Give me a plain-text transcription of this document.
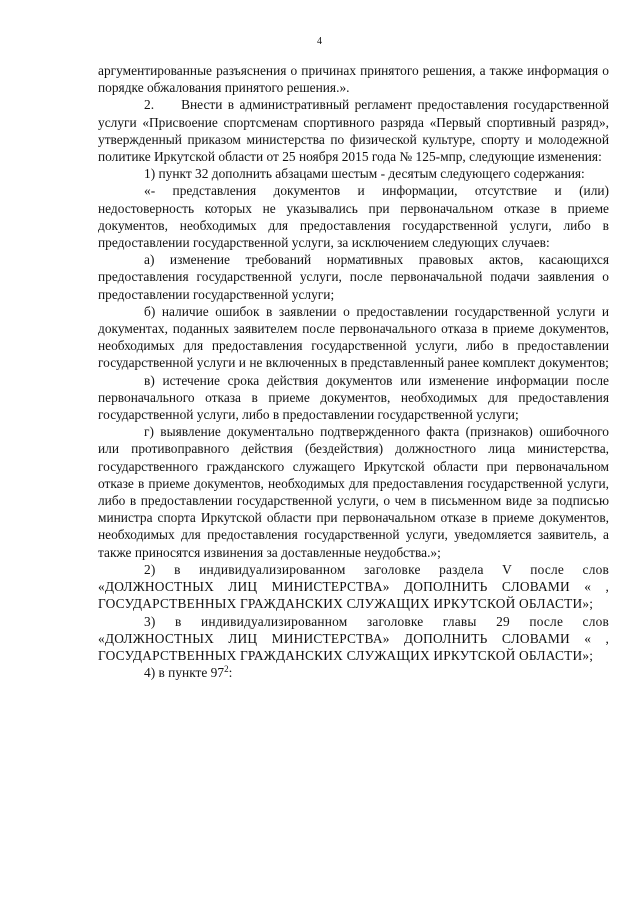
4

аргументированные разъяснения о причинах принятого решения, а также информация о порядке обжалования принятого решения.».

2.     Внести в административный регламент предоставления государственной услуги «Присвоение спортсменам спортивного разряда «Первый спортивный разряд», утвержденный приказом министерства по физической культуре, спорту и молодежной политике Иркутской области от 25 ноября 2015 года № 125-мпр, следующие изменения:

1) пункт 32 дополнить абзацами шестым - десятым следующего содержания:

«- представления документов и информации, отсутствие и (или) недостоверность которых не указывались при первоначальном отказе в приеме документов, необходимых для предоставления государственной услуги, либо в предоставлении государственной услуги, за исключением следующих случаев:

а) изменение требований нормативных правовых актов, касающихся предоставления государственной услуги, после первоначальной подачи заявления о предоставлении государственной услуги;

б) наличие ошибок в заявлении о предоставлении государственной услуги и документах, поданных заявителем после первоначального отказа в приеме документов, необходимых для предоставления государственной услуги, либо в предоставлении государственной услуги и не включенных в представленный ранее комплект документов;

в) истечение срока действия документов или изменение информации после первоначального отказа в приеме документов, необходимых для предоставления государственной услуги, либо в предоставлении государственной услуги;

г) выявление документально подтвержденного факта (признаков) ошибочного или противоправного действия (бездействия) должностного лица министерства, государственного гражданского служащего Иркутской области при первоначальном отказе в приеме документов, необходимых для предоставления государственной услуги, либо в предоставлении государственной услуги, о чем в письменном виде за подписью министра спорта Иркутской области при первоначальном отказе в приеме документов, необходимых для предоставления государственной услуги, уведомляется заявитель, а также приносятся извинения за доставленные неудобства.»;

2) в индивидуализированном заголовке раздела V после слов «ДОЛЖНОСТНЫХ ЛИЦ МИНИСТЕРСТВА» ДОПОЛНИТЬ СЛОВАМИ « , ГОСУДАРСТВЕННЫХ ГРАЖДАНСКИХ СЛУЖАЩИХ ИРКУТСКОЙ ОБЛАСТИ»;

3) в индивидуализированном заголовке главы 29 после слов «ДОЛЖНОСТНЫХ ЛИЦ МИНИСТЕРСТВА» ДОПОЛНИТЬ СЛОВАМИ « , ГОСУДАРСТВЕННЫХ ГРАЖДАНСКИХ СЛУЖАЩИХ ИРКУТСКОЙ ОБЛАСТИ»;

4) в пункте $97^2$:
